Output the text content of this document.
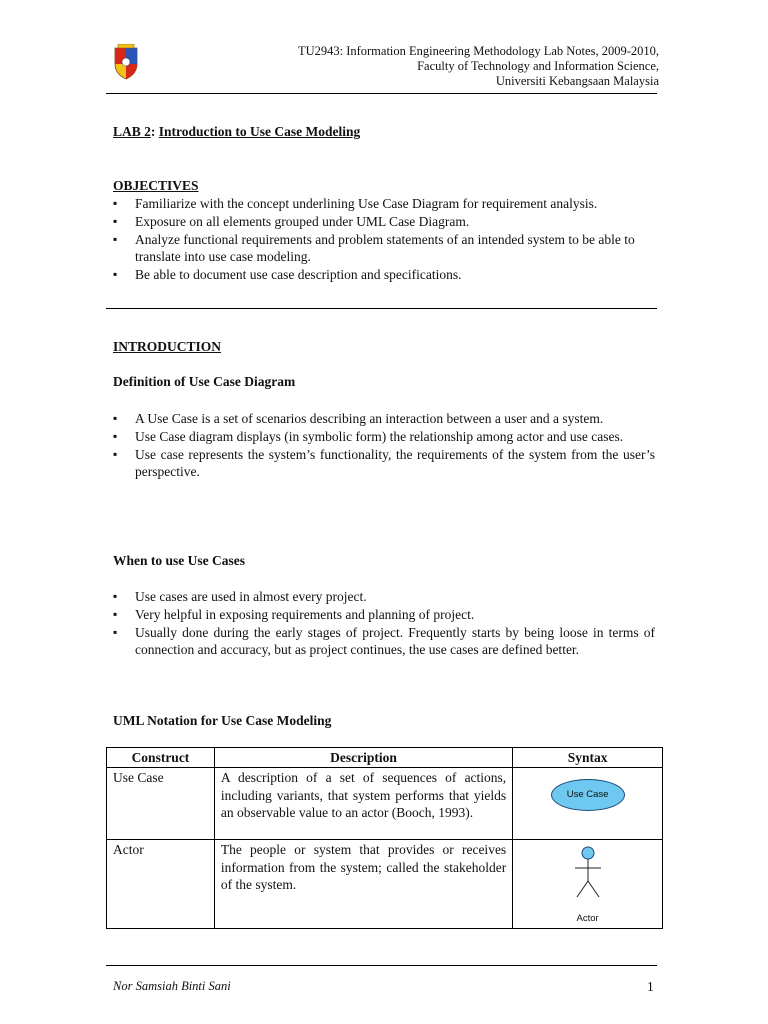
TU2943: Information Engineering Methodology Lab Notes, 2009-2010,
Faculty of Technology and Information Science,
Universiti Kebangsaan Malaysia
LAB 2: Introduction to Use Case Modeling
OBJECTIVES
▪ Familiarize with the concept underlining Use Case Diagram for requirement analysis.
▪ Exposure on all elements grouped under UML Case Diagram.
▪ Analyze functional requirements and problem statements of an intended system to be able to translate into use case modeling.
▪ Be able to document use case description and specifications.
INTRODUCTION
Definition of Use Case Diagram
▪ A Use Case is a set of scenarios describing an interaction between a user and a system.
▪ Use Case diagram displays (in symbolic form) the relationship among actor and use cases.
▪ Use case represents the system’s functionality, the requirements of the system from the user’s perspective.
When to use Use Cases
▪ Use cases are used in almost every project.
▪ Very helpful in exposing requirements and planning of project.
▪ Usually done during the early stages of project. Frequently starts by being loose in terms of connection and accuracy, but as project continues, the use cases are defined better.
UML Notation for Use Case Modeling
Construct	Description	Syntax
Use Case	A description of a set of sequences of actions, including variants, that system performs that yields an observable value to an actor (Booch, 1993).	Use Case

Actor	The people or system that provides or receives information from the system; called the stakeholder of the system.	Actor
Nor Samsiah Binti Sani	1
